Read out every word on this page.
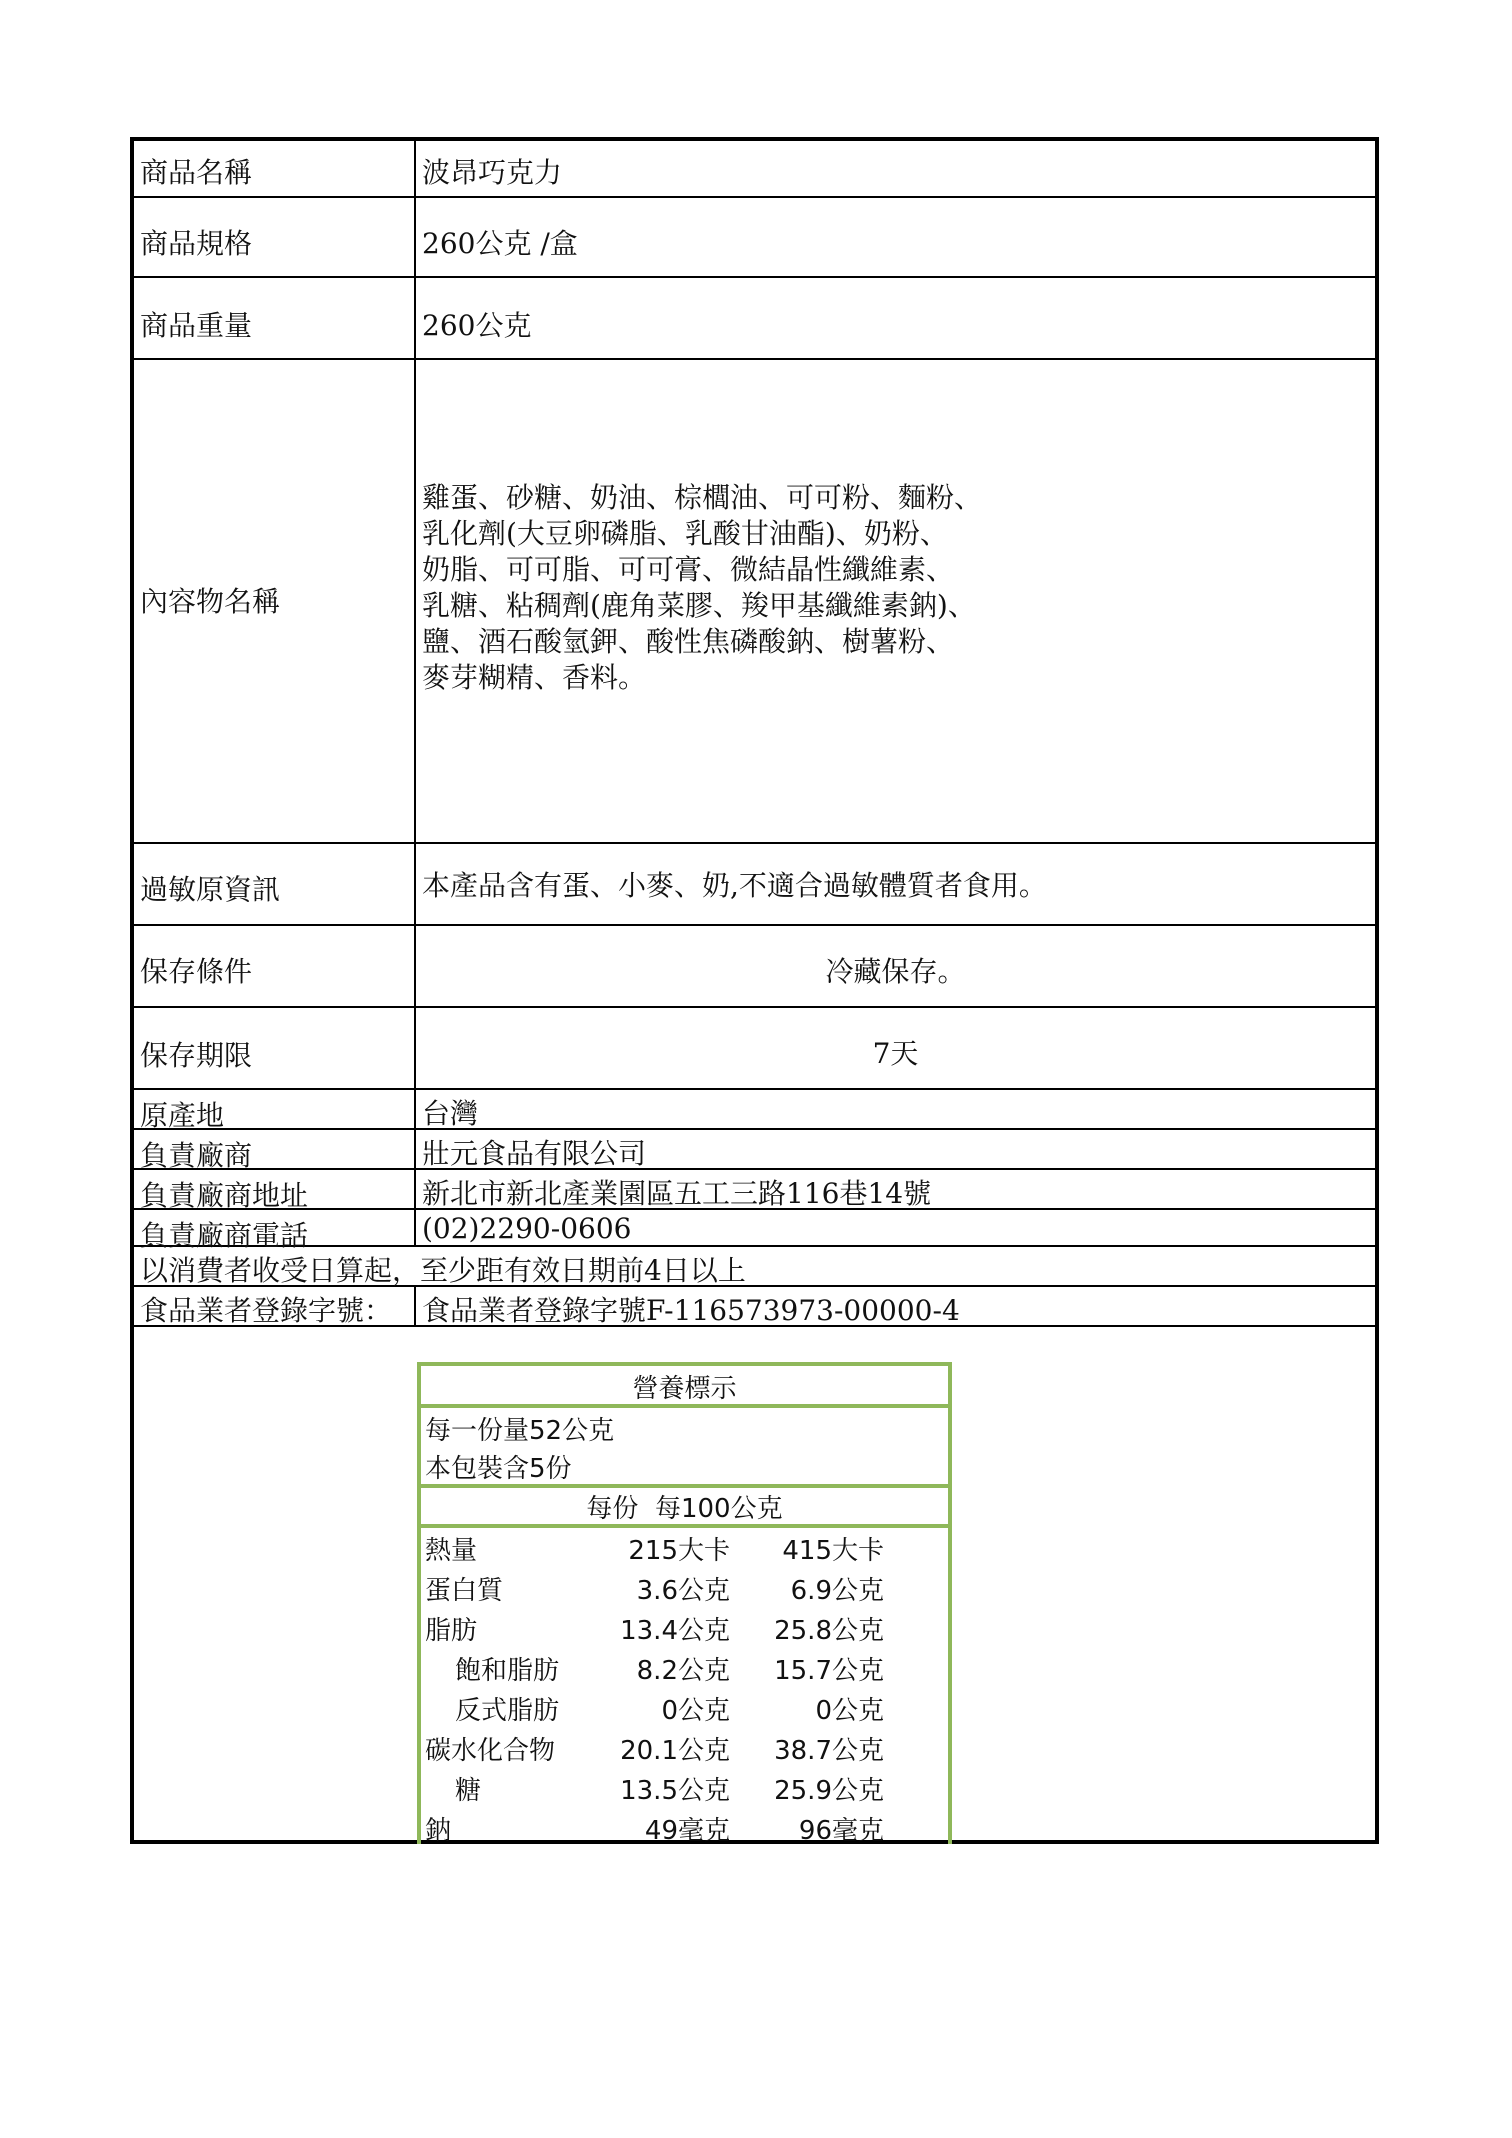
商品名稱	波昂巧克力
商品規格	260公克 /盒
商品重量	260公克
內容物名稱
雞蛋、砂糖、奶油、棕櫚油、可可粉、麵粉、
乳化劑(大豆卵磷脂、乳酸甘油酯)、奶粉、
奶脂、可可脂、可可膏、微結晶性纖維素、
乳糖、粘稠劑(鹿角菜膠、羧甲基纖維素鈉)、
鹽、酒石酸氫鉀、酸性焦磷酸鈉、樹薯粉、
麥芽糊精、香料。
過敏原資訊	本產品含有蛋、小麥、奶,不適合過敏體質者食用。
保存條件	冷藏保存。
保存期限	7天
原產地	台灣
負責廠商	壯元食品有限公司
負責廠商地址	新北市新北產業園區五工三路116巷14號
負責廠商電話	(02)2290-0606
以消費者收受日算起，至少距有效日期前4日以上
食品業者登錄字號： 食品業者登錄字號F-116573973-00000-4
營養標示
每一份量52公克
本包裝含5份
每份  每100公克
熱量	215大卡 415大卡
蛋白質	3.6公克 6.9公克
脂肪	13.4公克 25.8公克
飽和脂肪	8.2公克 15.7公克
反式脂肪	0公克	0公克
碳水化合物	20.1公克 38.7公克
糖	13.5公克 25.9公克
鈉	49毫克	96毫克
